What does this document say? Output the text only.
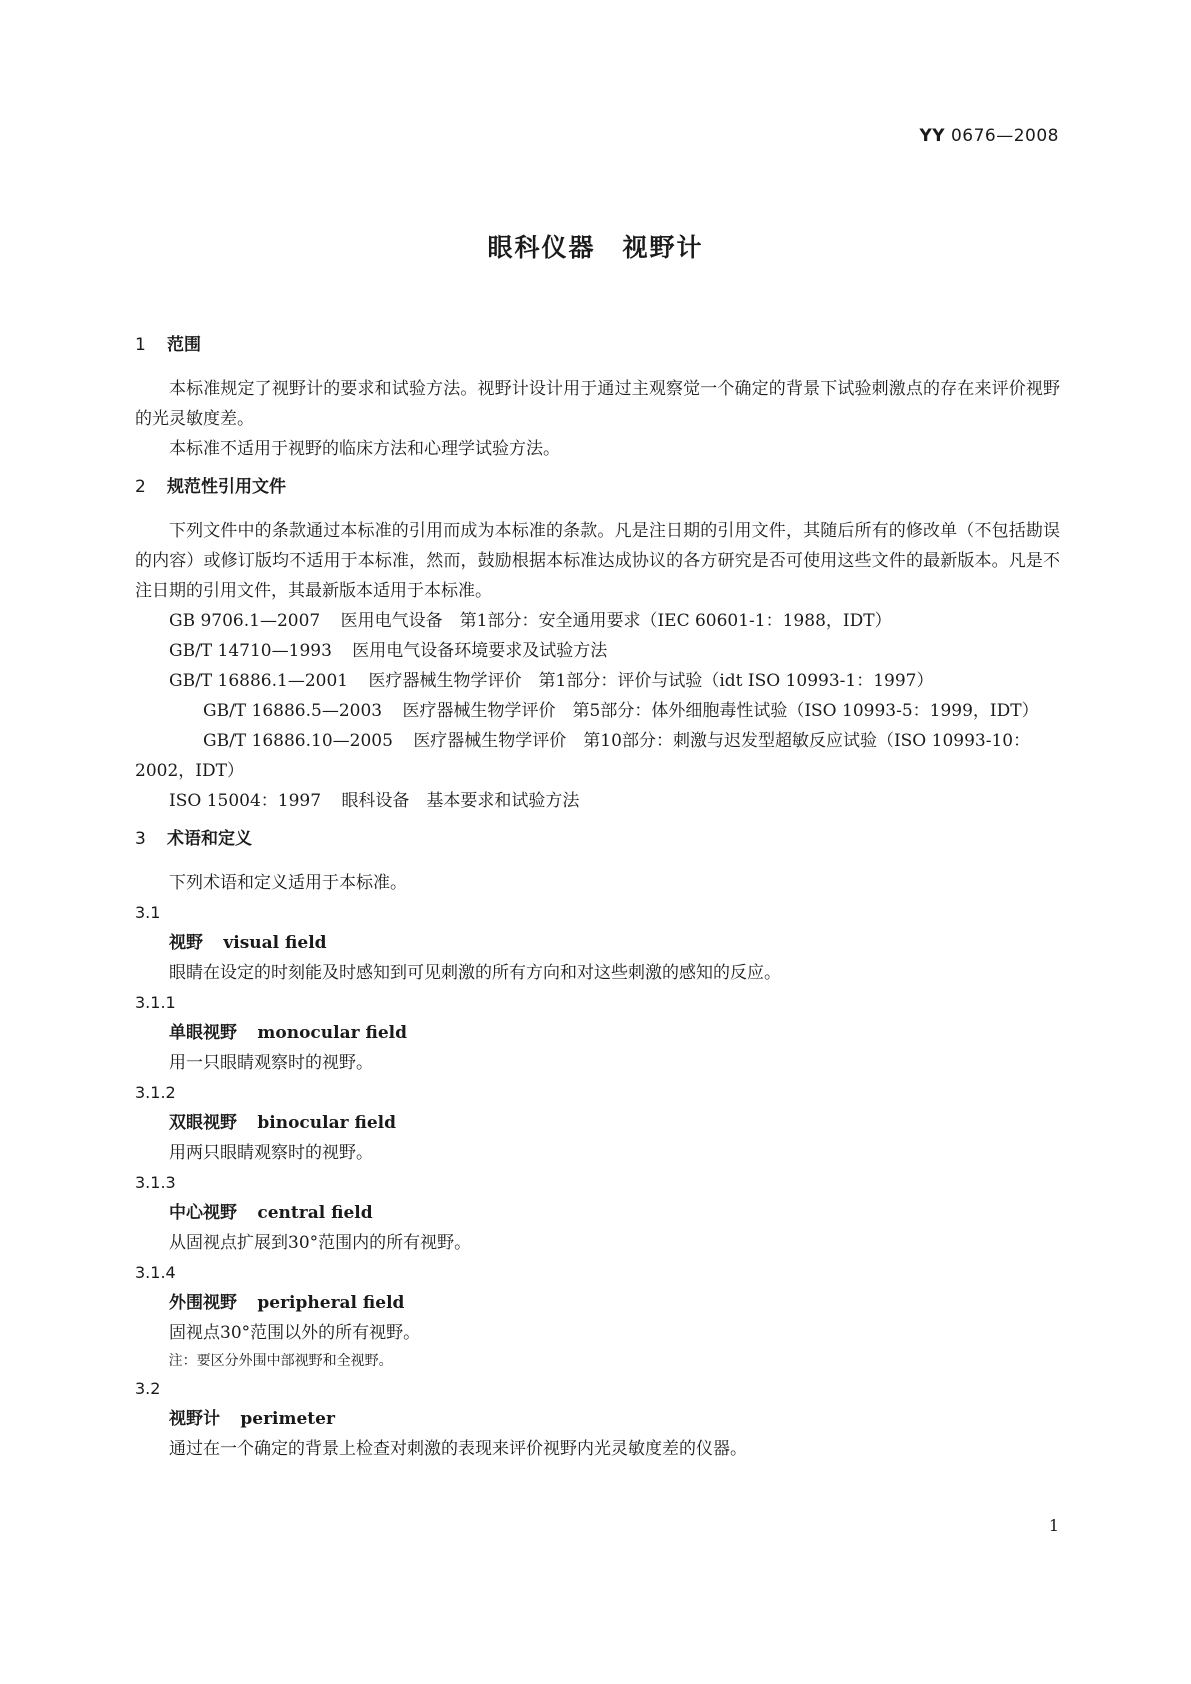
YY 0676—2008
眼科仪器　视野计
1 范围

本标准规定了视野计的要求和试验方法。视野计设计用于通过主观察觉一个确定的背景下试验刺激点的存在来评价视野的光灵敏度差。

本标准不适用于视野的临床方法和心理学试验方法。

2 规范性引用文件

下列文件中的条款通过本标准的引用而成为本标准的条款。凡是注日期的引用文件，其随后所有的修改单（不包括勘误的内容）或修订版均不适用于本标准，然而，鼓励根据本标准达成协议的各方研究是否可使用这些文件的最新版本。凡是不注日期的引用文件，其最新版本适用于本标准。

GB 9706.1—2007 医用电气设备　第1部分：安全通用要求（IEC 60601-1：1988，IDT）

GB/T 14710—1993 医用电气设备环境要求及试验方法

GB/T 16886.1—2001 医疗器械生物学评价　第1部分：评价与试验（idt ISO 10993-1：1997）

GB/T 16886.5—2003 医疗器械生物学评价　第5部分：体外细胞毒性试验（ISO 10993-5：1999，IDT）

GB/T 16886.10—2005 医疗器械生物学评价　第10部分：刺激与迟发型超敏反应试验（ISO 10993-10：2002，IDT）

ISO 15004：1997 眼科设备　基本要求和试验方法

3 术语和定义

下列术语和定义适用于本标准。

3.1

视野 visual field

眼睛在设定的时刻能及时感知到可见刺激的所有方向和对这些刺激的感知的反应。

3.1.1

单眼视野 monocular field

用一只眼睛观察时的视野。

3.1.2

双眼视野 binocular field

用两只眼睛观察时的视野。

3.1.3

中心视野 central field

从固视点扩展到30°范围内的所有视野。

3.1.4

外围视野 peripheral field

固视点30°范围以外的所有视野。

注：要区分外围中部视野和全视野。

3.2

视野计 perimeter

通过在一个确定的背景上检查对刺激的表现来评价视野内光灵敏度差的仪器。

1
